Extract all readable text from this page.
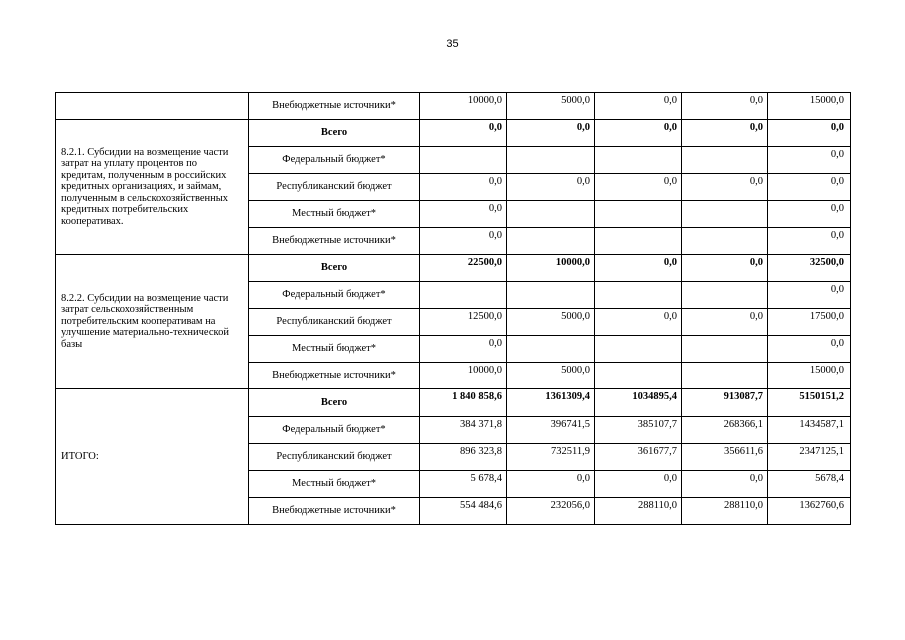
35
	Внебюджетные источники*	10000,0	5000,0	0,0	0,0	15000,0
8.2.1. Субсидии на возмещение части затрат на уплату процентов по кредитам, полученным в российских кредитных организациях, и займам, полученным в сельскохозяйственных кредитных потребительских кооперативах.	Всего	0,0	0,0	0,0	0,0	0,0
	Федеральный бюджет*					0,0
	Республиканский бюджет	0,0	0,0	0,0	0,0	0,0
	Местный бюджет*	0,0				0,0
	Внебюджетные источники*	0,0				0,0
8.2.2. Субсидии на возмещение части затрат сельскохозяйственным потребительским кооперативам на улучшение материально-технической базы	Всего	22500,0	10000,0	0,0	0,0	32500,0
	Федеральный бюджет*					0,0
	Республиканский бюджет	12500,0	5000,0	0,0	0,0	17500,0
	Местный бюджет*	0,0				0,0
	Внебюджетные источники*	10000,0	5000,0			15000,0
ИТОГО:	Всего	1 840 858,6	1361309,4	1034895,4	913087,7	5150151,2
	Федеральный бюджет*	384 371,8	396741,5	385107,7	268366,1	1434587,1
	Республиканский бюджет	896 323,8	732511,9	361677,7	356611,6	2347125,1
	Местный бюджет*	5 678,4	0,0	0,0	0,0	5678,4
	Внебюджетные источники*	554 484,6	232056,0	288110,0	288110,0	1362760,6
